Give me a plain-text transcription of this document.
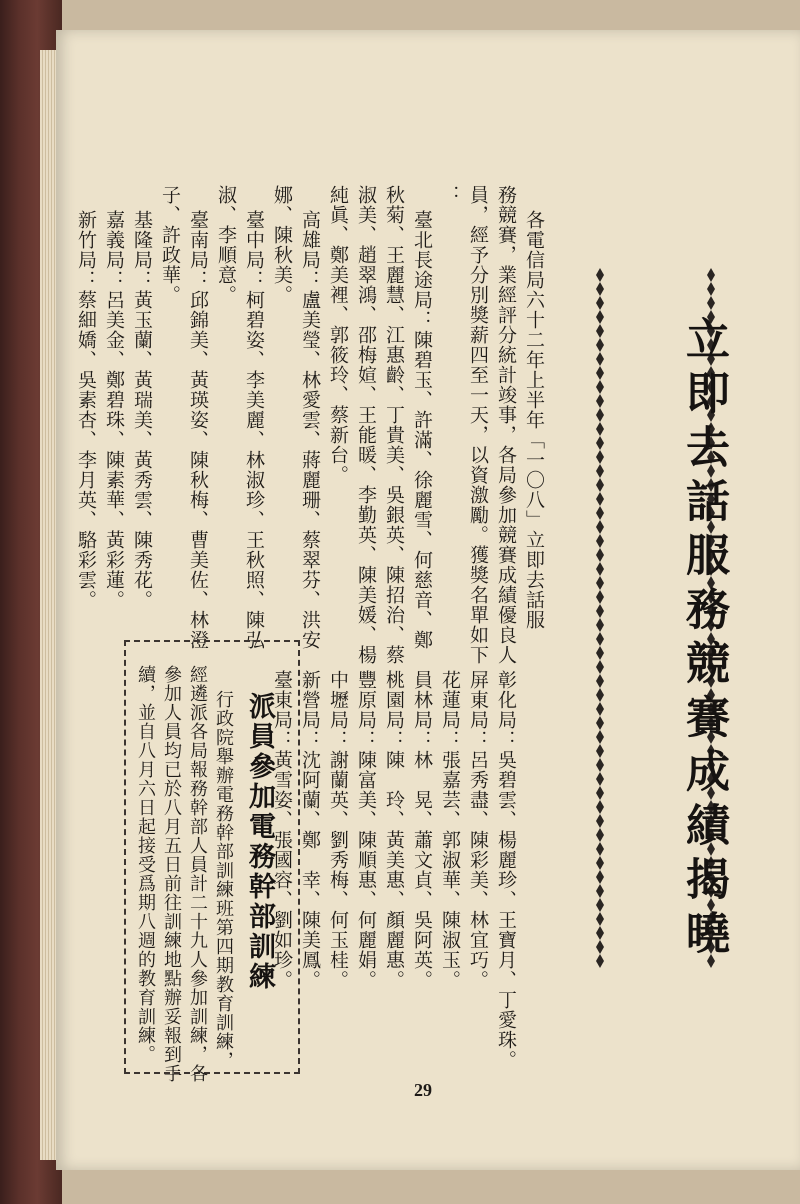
立即去話服務競賽成績揭曉
各電信局六十二年上半年「一〇八」立即去話服
務競賽，業經評分統計竣事，各局參加競賽成績優良人
員，經予分別獎薪四至一天，以資激勵。獲獎名單如下
：
臺北長途局：陳碧玉、許滿、徐麗雪、何慈音、鄭
秋菊、王麗慧、江惠齡、丁貴美、吳銀英、陳招治、蔡
淑美、趙翠鴻、邵梅媗、王能暖、李勤英、陳美媛、楊
純眞、鄭美裡、郭筱玲、蔡新台。
高雄局：盧美瑩、林愛雲、蔣麗珊、蔡翠芬、洪安
娜、陳秋美。
臺中局：柯碧姿、李美麗、林淑珍、王秋照、陳弘
淑、李順意。
臺南局：邱錦美、黃瑛姿、陳秋梅、曹美佐、林澄
子、許政華。
基隆局：黃玉蘭、黃瑞美、黃秀雲、陳秀花。
嘉義局：呂美金、鄭碧珠、陳素華、黃彩蓮。
新竹局：蔡細嬌、吳素杏、李月英、駱彩雲。
彰化局：吳碧雲、楊麗珍、王寶月、丁愛珠。
屏東局：呂秀盡、陳彩美、林宜巧。
花蓮局：張嘉芸、郭淑華、陳淑玉。
員林局：林　晃、蕭文貞、吳阿英。
桃園局：陳　玲、黃美惠、顏麗惠。
豐原局：陳富美、陳順惠、何麗娟。
中壢局：謝蘭英、劉秀梅、何玉桂。
新營局：沈阿蘭、鄭　幸、陳美鳳。
臺東局：黃雪姿、張國容、劉如珍。
派員參加電務幹部訓練
行政院舉辦電務幹部訓練班第四期教育訓練，
經遴派各局報務幹部人員計二十九人參加訓練，各
參加人員均已於八月五日前往訓練地點辦妥報到手
續，並自八月六日起接受爲期八週的教育訓練。
29
